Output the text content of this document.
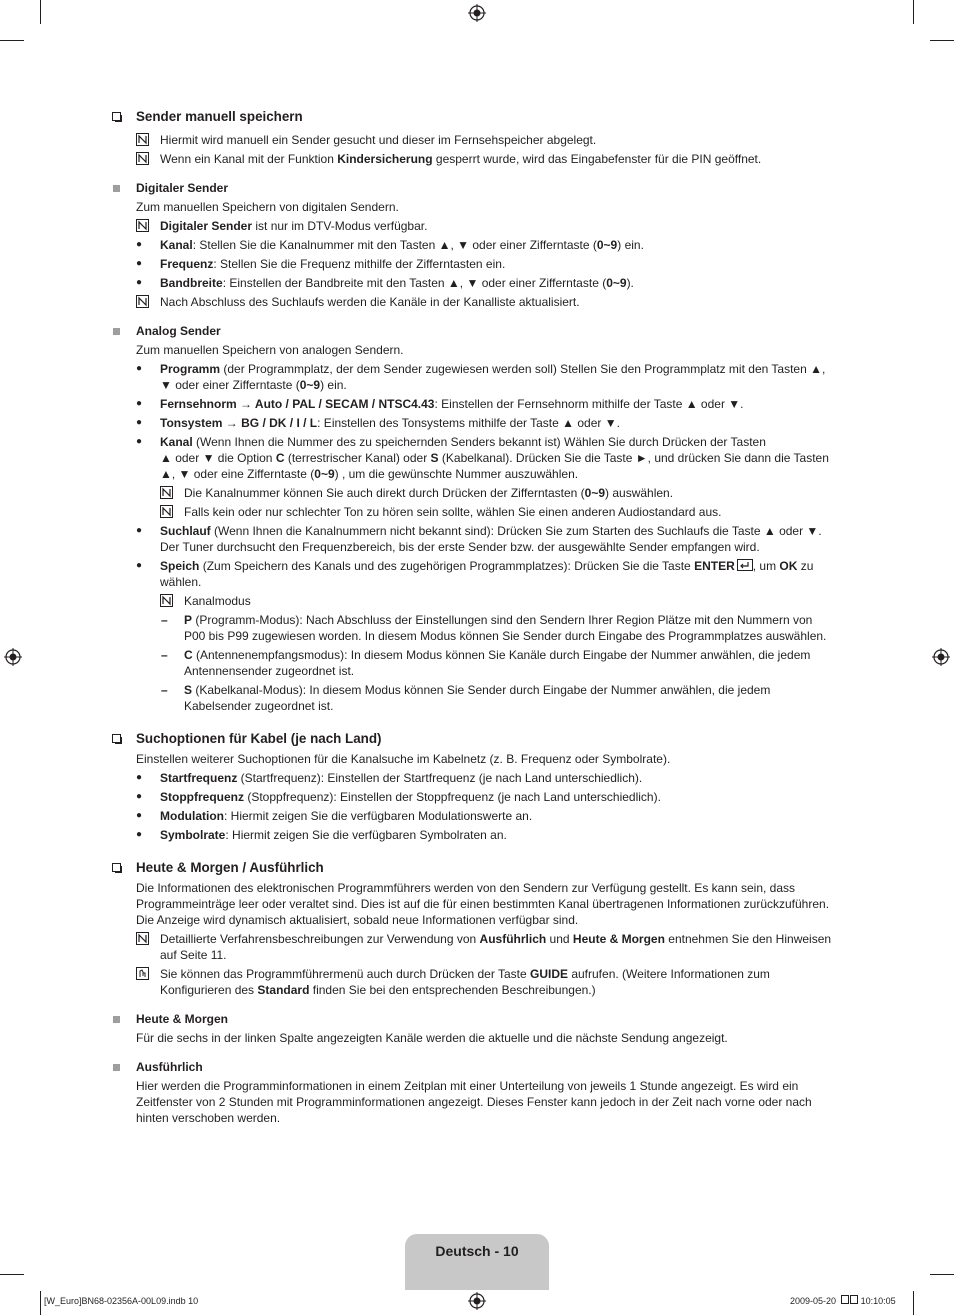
Sender manuell speichern
Hiermit wird manuell ein Sender gesucht und dieser im Fernsehspeicher abgelegt.
Wenn ein Kanal mit der Funktion Kindersicherung gesperrt wurde, wird das Eingabefenster für die PIN geöffnet.
Digitaler Sender
Zum manuellen Speichern von digitalen Sendern.
Digitaler Sender ist nur im DTV-Modus verfügbar.
● Kanal: Stellen Sie die Kanalnummer mit den Tasten ▲, ▼ oder einer Zifferntaste (0~9) ein.
● Frequenz: Stellen Sie die Frequenz mithilfe der Zifferntasten ein.
● Bandbreite: Einstellen der Bandbreite mit den Tasten ▲, ▼ oder einer Zifferntaste (0~9).
Nach Abschluss des Suchlaufs werden die Kanäle in der Kanalliste aktualisiert.
Analog Sender
Zum manuellen Speichern von analogen Sendern.
● Programm (der Programmplatz, der dem Sender zugewiesen werden soll) Stellen Sie den Programmplatz mit den Tasten ▲,
▼ oder einer Zifferntaste (0~9) ein.
● Fernsehnorm → Auto / PAL / SECAM / NTSC4.43: Einstellen der Fernsehnorm mithilfe der Taste ▲ oder ▼.
● Tonsystem → BG / DK / I / L: Einstellen des Tonsystems mithilfe der Taste ▲ oder ▼.
● Kanal (Wenn Ihnen die Nummer des zu speichernden Senders bekannt ist) Wählen Sie durch Drücken der Tasten
▲ oder ▼ die Option C (terrestrischer Kanal) oder S (Kabelkanal). Drücken Sie die Taste ►, und drücken Sie dann die Tasten
▲, ▼ oder eine Zifferntaste (0~9) , um die gewünschte Nummer auszuwählen.
Die Kanalnummer können Sie auch direkt durch Drücken der Zifferntasten (0~9) auswählen.
Falls kein oder nur schlechter Ton zu hören sein sollte, wählen Sie einen anderen Audiostandard aus.
● Suchlauf (Wenn Ihnen die Kanalnummern nicht bekannt sind): Drücken Sie zum Starten des Suchlaufs die Taste ▲ oder ▼.
Der Tuner durchsucht den Frequenzbereich, bis der erste Sender bzw. der ausgewählte Sender empfangen wird.
● Speich (Zum Speichern des Kanals und des zugehörigen Programmplatzes): Drücken Sie die Taste ENTER , um OK zu
wählen.
Kanalmodus
– P (Programm-Modus): Nach Abschluss der Einstellungen sind den Sendern Ihrer Region Plätze mit den Nummern von
P00 bis P99 zugewiesen worden. In diesem Modus können Sie Sender durch Eingabe des Programmplatzes auswählen.
– C (Antennenempfangsmodus): In diesem Modus können Sie Kanäle durch Eingabe der Nummer anwählen, die jedem
Antennensender zugeordnet ist.
– S (Kabelkanal-Modus): In diesem Modus können Sie Sender durch Eingabe der Nummer anwählen, die jedem
Kabelsender zugeordnet ist.
Suchoptionen für Kabel (je nach Land)
Einstellen weiterer Suchoptionen für die Kanalsuche im Kabelnetz (z. B. Frequenz oder Symbolrate).
● Startfrequenz (Startfrequenz): Einstellen der Startfrequenz (je nach Land unterschiedlich).
● Stoppfrequenz (Stoppfrequenz): Einstellen der Stoppfrequenz (je nach Land unterschiedlich).
● Modulation: Hiermit zeigen Sie die verfügbaren Modulationswerte an.
● Symbolrate: Hiermit zeigen Sie die verfügbaren Symbolraten an.
Heute & Morgen / Ausführlich
Die Informationen des elektronischen Programmführers werden von den Sendern zur Verfügung gestellt. Es kann sein, dass
Programmeinträge leer oder veraltet sind. Dies ist auf die für einen bestimmten Kanal übertragenen Informationen zurückzuführen.
Die Anzeige wird dynamisch aktualisiert, sobald neue Informationen verfügbar sind.
Detaillierte Verfahrensbeschreibungen zur Verwendung von Ausführlich und Heute & Morgen entnehmen Sie den Hinweisen
auf Seite 11.
Sie können das Programmführermenü auch durch Drücken der Taste GUIDE aufrufen. (Weitere Informationen zum
Konfigurieren des Standard finden Sie bei den entsprechenden Beschreibungen.)
Heute & Morgen
Für die sechs in der linken Spalte angezeigten Kanäle werden die aktuelle und die nächste Sendung angezeigt.
Ausführlich
Hier werden die Programminformationen in einem Zeitplan mit einer Unterteilung von jeweils 1 Stunde angezeigt. Es wird ein
Zeitfenster von 2 Stunden mit Programminformationen angezeigt. Dieses Fenster kann jedoch in der Zeit nach vorne oder nach
hinten verschoben werden.
Deutsch - 10
[W_Euro]BN68-02356A-00L09.indb 10	2009-05-20	10:10:05
